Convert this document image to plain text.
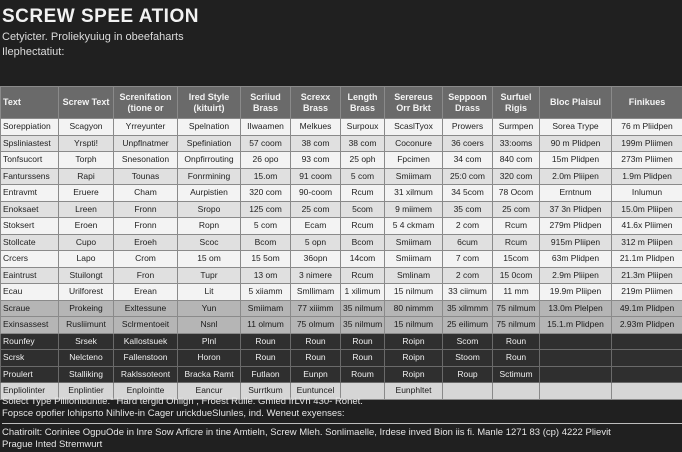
SCREW SPEE ATION
Cetyicter. Proliekyuiug in obeefaharts
Ilephectatiut:
Text	Screw Text	Screnifation (tione or	Ired Style (kituirt)	Scriiud Brass	Screxx Brass	Length Brass	Serereus Orr Brkt	Seppoon Drass	Surfuel Rigis	Bloc Plaisul	Finikues
Soreppiation	Scagyon	Yrreyunter	Spelnation	IIwaamen	Melkues	Surpoux	ScaslTyox	Prowers	Surmpen	Sorea Trype	76 m Pliidpen
Spsliniastest	Yrspti!	Unpflnatmer	Spefiniation	57 coom	38 com	38 com	Coconure	36 coers	33:ooms	90 m Plidpen	199m Pliimen
Tonfsucort	Torph	Snesonation	Onpfirrouting	26 opo	93 com	25 oph	Fpcimen	34 com	840 com	15m Plidpen	273m Pliimen
Fanturssens	Rapi	Tounas	Fonrmining	15.om	91 coom	5 com	Smiimam	25:0 com	320 com	2.0m Pliipen	1.9m Plidpen
Entravmt	Eruere	Cham	Aurpistien	320 com	90-coom	Rcum	31 xilmum	34 5com	78 Ocom	Erntnum	Inlumun
Enoksaet	Lreen	Fronn	Sropo	125 com	25 com	5com	9 miimem	35 com	25 com	37 3n Plidpen	15.0m Pliipen
Stoksert	Eroen	Fronn	Ropn	5 com	Ecam	Rcum	5 4 ckmam	2 com	Rcum	279m Plidpen	41.6x Pliimen
Stollcate	Cupo	Eroeh	Scoc	Bcom	5 opn	Bcom	Smiimam	6cum	Rcum	915m Pliipen	312 m Pliipen
Crcers	Lapo	Crom	15 om	15 5om	36opn	14com	Smiimam	7 com	15com	63m Plidpen	21.1m Plidpen
Eaintrust	Stuilongt	Fron	Tupr	13 om	3 nimere	Rcum	Smlinam	2 com	15 0com	2.9m Pliipen	21.3m Pliipen
Ecau	Urilforest	Erean	Lit	5 xiiamm	Smllimam	1 xilimum	15 nilmum	33 ciimum	11 mm	19.9m Pliipen	219m Pliimen
Scraue	Prokeing	Exltessune	Yun	Smiimam	77 xiiimm	35 nilmum	80 nimmm	35 xilmmm	75 nilmum	13.0m Plelpen	49.1m Plidpen
Exinsassest	Rusliimunt	Sclrmentoeit	Nsnl	11 olmum	75 olmum	35 nilmum	15 nilmum	25 eilimum	75 nilmum	15.1.m Plidpen	2.93m Plidpen
Rounfey	Srsek	Kallostsuek	Plnl	Roun	Roun	Roun	Roipn	Scom	Roun		
Scrsk	Nelcteno	Fallenstoon	Horon	Roun	Roun	Roun	Roipn	Stoom	Roun		
Proulert	Stalliking	Raklssoteont	Bracka Ramt	Futlaon	Eunpn	Roum	Roipn	Roup	Sctimum		
Enpliolinter	Enplintier	Enplointte	Eancur	Surrtkum	Euntuncel		Eunphltet				
Solect Type Piliionibuntle.° Hard tergid Ohlign , Froest Rulle. Gmled IrLVh 430- Ronet.
Fopsce opofier lohipsrto Nihlive-in Cager urickdueSlunles, ind. Weneut exyenses:
Chatiroilt: Coriniee OgpuOde in lnre Sow Arficre in tine Amtieln, Screw Mleh. Sonlimaelle, Irdese inved Bion iis fi. Manle 1271 83 (cp) 4222 Plievit
Prague Inted Stremwurt
